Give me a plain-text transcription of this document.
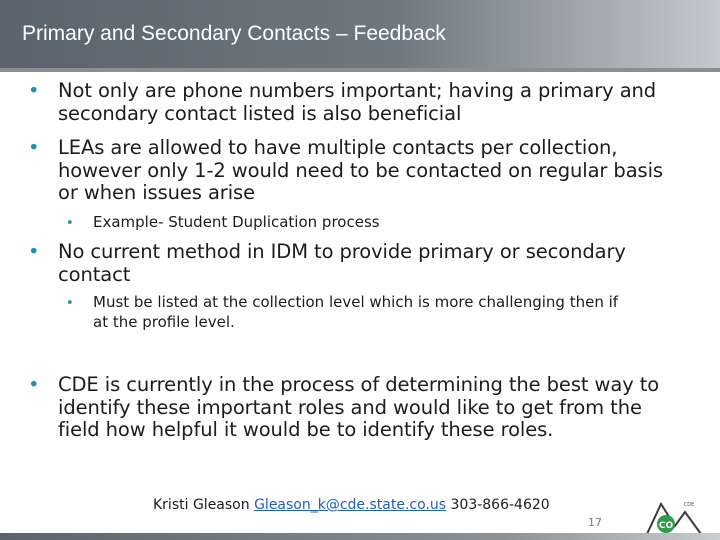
Primary and Secondary Contacts – Feedback
• Not only are phone numbers important; having a primary and secondary contact listed is also beneficial
• LEAs are allowed to have multiple contacts per collection, however only 1-2 would need to be contacted on regular basis or when issues arise
• Example- Student Duplication process
• No current method in IDM to provide primary or secondary contact
• Must be listed at the collection level which is more challenging then if at the profile level.
• CDE is currently in the process of determining the best way to identify these important roles and would like to get from the field how helpful it would be to identify these roles.
Kristi Gleason Gleason_k@cde.state.co.us 303-866-4620
17	CO
CDE
